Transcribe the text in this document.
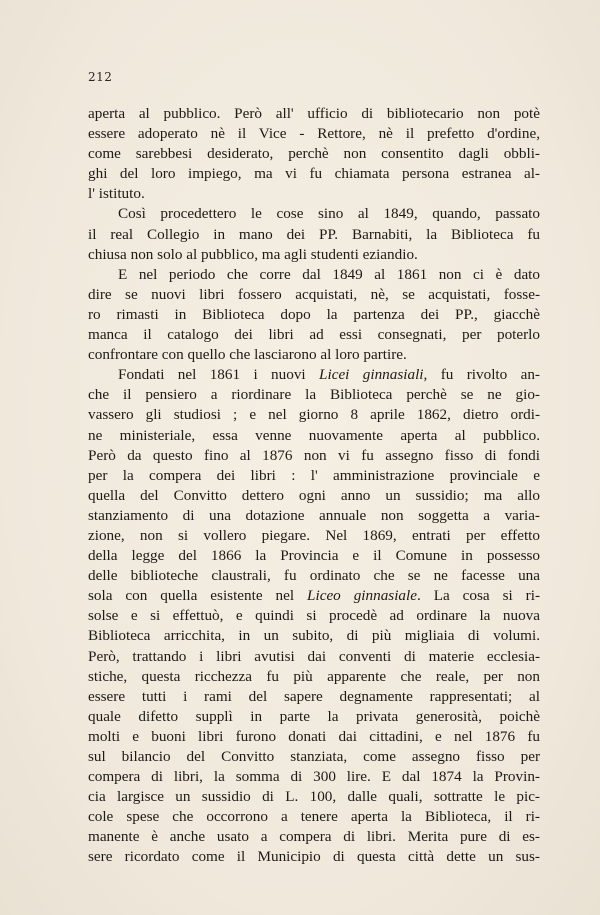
212
aperta al pubblico. Però all' ufficio di bibliotecario non potè
essere adoperato nè il Vice - Rettore, nè il prefetto d'ordine,
come sarebbesi desiderato, perchè non consentito dagli obbli-
ghi del loro impiego, ma vi fu chiamata persona estranea al-
l' istituto.
Così procedettero le cose sino al 1849, quando, passato
il real Collegio in mano dei PP. Barnabiti, la Biblioteca fu
chiusa non solo al pubblico, ma agli studenti eziandio.
E nel periodo che corre dal 1849 al 1861 non ci è dato
dire se nuovi libri fossero acquistati, nè, se acquistati, fosse-
ro rimasti in Biblioteca dopo la partenza dei PP., giacchè
manca il catalogo dei libri ad essi consegnati, per poterlo
confrontare con quello che lasciarono al loro partire.
Fondati nel 1861 i nuovi Licei ginnasiali, fu rivolto an-
che il pensiero a riordinare la Biblioteca perchè se ne gio-
vassero gli studiosi ; e nel giorno 8 aprile 1862, dietro ordi-
ne ministeriale, essa venne nuovamente aperta al pubblico.
Però da questo fino al 1876 non vi fu assegno fisso di fondi
per la compera dei libri : l' amministrazione provinciale e
quella del Convitto dettero ogni anno un sussidio; ma allo
stanziamento di una dotazione annuale non soggetta a varia-
zione, non si vollero piegare. Nel 1869, entrati per effetto
della legge del 1866 la Provincia e il Comune in possesso
delle biblioteche claustrali, fu ordinato che se ne facesse una
sola con quella esistente nel Liceo ginnasiale. La cosa si ri-
solse e si effettuò, e quindi si procedè ad ordinare la nuova
Biblioteca arricchita, in un subito, di più migliaia di volumi.
Però, trattando i libri avutisi dai conventi di materie ecclesia-
stiche, questa ricchezza fu più apparente che reale, per non
essere tutti i rami del sapere degnamente rappresentati; al
quale difetto supplì in parte la privata generosità, poichè
molti e buoni libri furono donati dai cittadini, e nel 1876 fu
sul bilancio del Convitto stanziata, come assegno fisso per
compera di libri, la somma di 300 lire. E dal 1874 la Provin-
cia largisce un sussidio di L. 100, dalle quali, sottratte le pic-
cole spese che occorrono a tenere aperta la Biblioteca, il ri-
manente è anche usato a compera di libri. Merita pure di es-
sere ricordato come il Municipio di questa città dette un sus-
